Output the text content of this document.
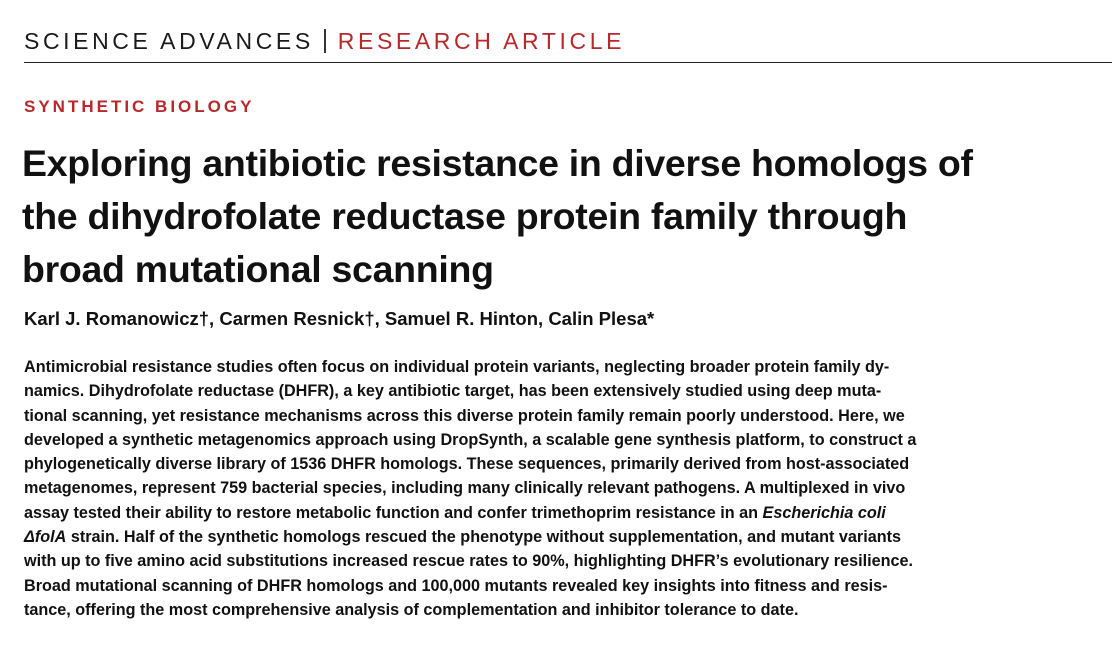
SCIENCE ADVANCES RESEARCH ARTICLE
SYNTHETIC BIOLOGY
Exploring antibiotic resistance in diverse homologs of
the dihydrofolate reductase protein family through
broad mutational scanning
Karl J. Romanowicz†, Carmen Resnick†, Samuel R. Hinton, Calin Plesa*
Antimicrobial resistance studies often focus on individual protein variants, neglecting broader protein family dy-
namics. Dihydrofolate reductase (DHFR), a key antibiotic target, has been extensively studied using deep muta-
tional scanning, yet resistance mechanisms across this diverse protein family remain poorly understood. Here, we
developed a synthetic metagenomics approach using DropSynth, a scalable gene synthesis platform, to construct a
phylogenetically diverse library of 1536 DHFR homologs. These sequences, primarily derived from host-associated
metagenomes, represent 759 bacterial species, including many clinically relevant pathogens. A multiplexed in vivo
assay tested their ability to restore metabolic function and confer trimethoprim resistance in an Escherichia coli
ΔfolA strain. Half of the synthetic homologs rescued the phenotype without supplementation, and mutant variants
with up to five amino acid substitutions increased rescue rates to 90%, highlighting DHFR’s evolutionary resilience.
Broad mutational scanning of DHFR homologs and 100,000 mutants revealed key insights into fitness and resis-
tance, offering the most comprehensive analysis of complementation and inhibitor tolerance to date.
